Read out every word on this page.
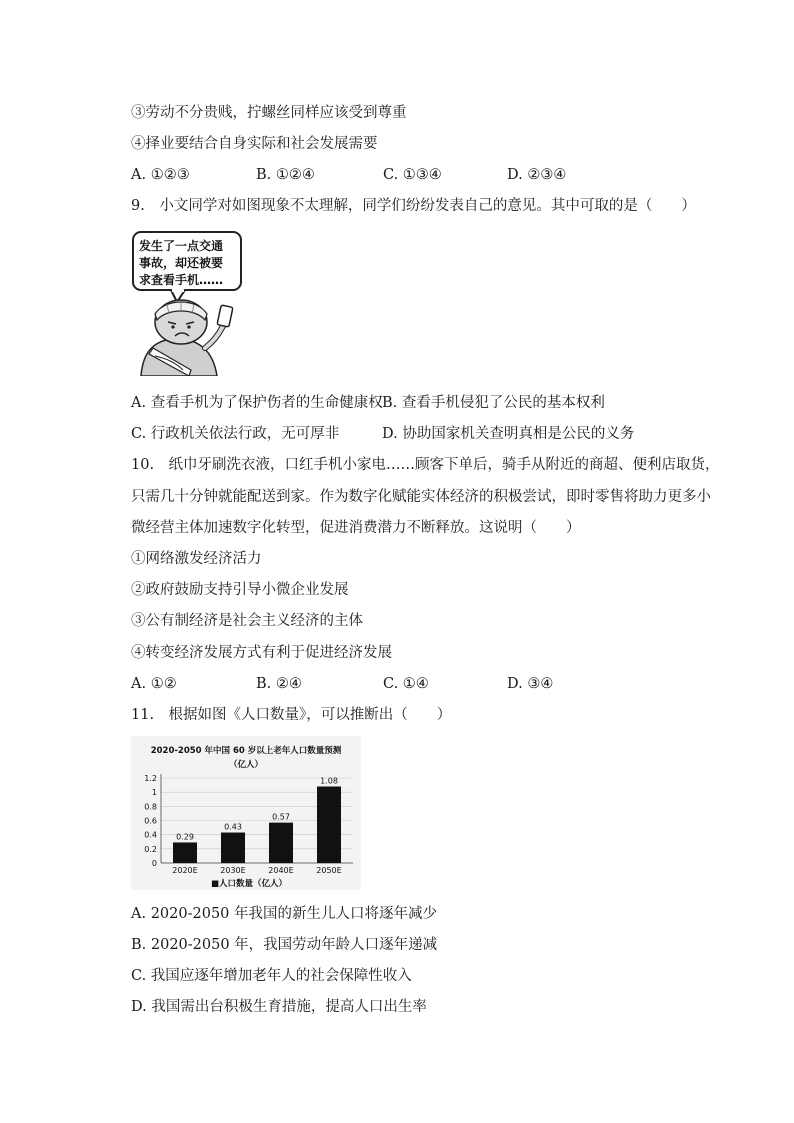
③劳动不分贵贱，拧螺丝同样应该受到尊重
④择业要结合自身实际和社会发展需要
A. ①②③	B. ①②④	C. ①③④	D. ②③④
9.　小文同学对如图现象不太理解，同学们纷纷发表自己的意见。其中可取的是（　　）
发生了一点交通
事故，却还被要
求查看手机……
A. 查看手机为了保护伤者的生命健康权 B. 查看手机侵犯了公民的基本权利
C. 行政机关依法行政，无可厚非	D. 协助国家机关查明真相是公民的义务
10.　纸巾牙刷洗衣液，口红手机小家电……顾客下单后，骑手从附近的商超、便利店取货，
只需几十分钟就能配送到家。作为数字化赋能实体经济的积极尝试，即时零售将助力更多小
微经营主体加速数字化转型，促进消费潜力不断释放。这说明（　　）
①网络激发经济活力
②政府鼓励支持引导小微企业发展
③公有制经济是社会主义经济的主体
④转变经济发展方式有利于促进经济发展
A. ①②	B. ②④	C. ①④	D. ③④
11.　根据如图《人口数量》，可以推断出（　　）
2020-2050 年中国 60 岁以上老年人口数量预测
（亿人）
0
0.2
0.4
0.6
0.8
1
1.2
0.29
2020E
0.43
2030E
0.57
2040E
1.08
2050E
■人口数量（亿人）
A. 2020-2050 年我国的新生儿人口将逐年减少
B. 2020-2050 年，我国劳动年龄人口逐年递减
C. 我国应逐年增加老年人的社会保障性收入
D. 我国需出台积极生育措施，提高人口出生率
